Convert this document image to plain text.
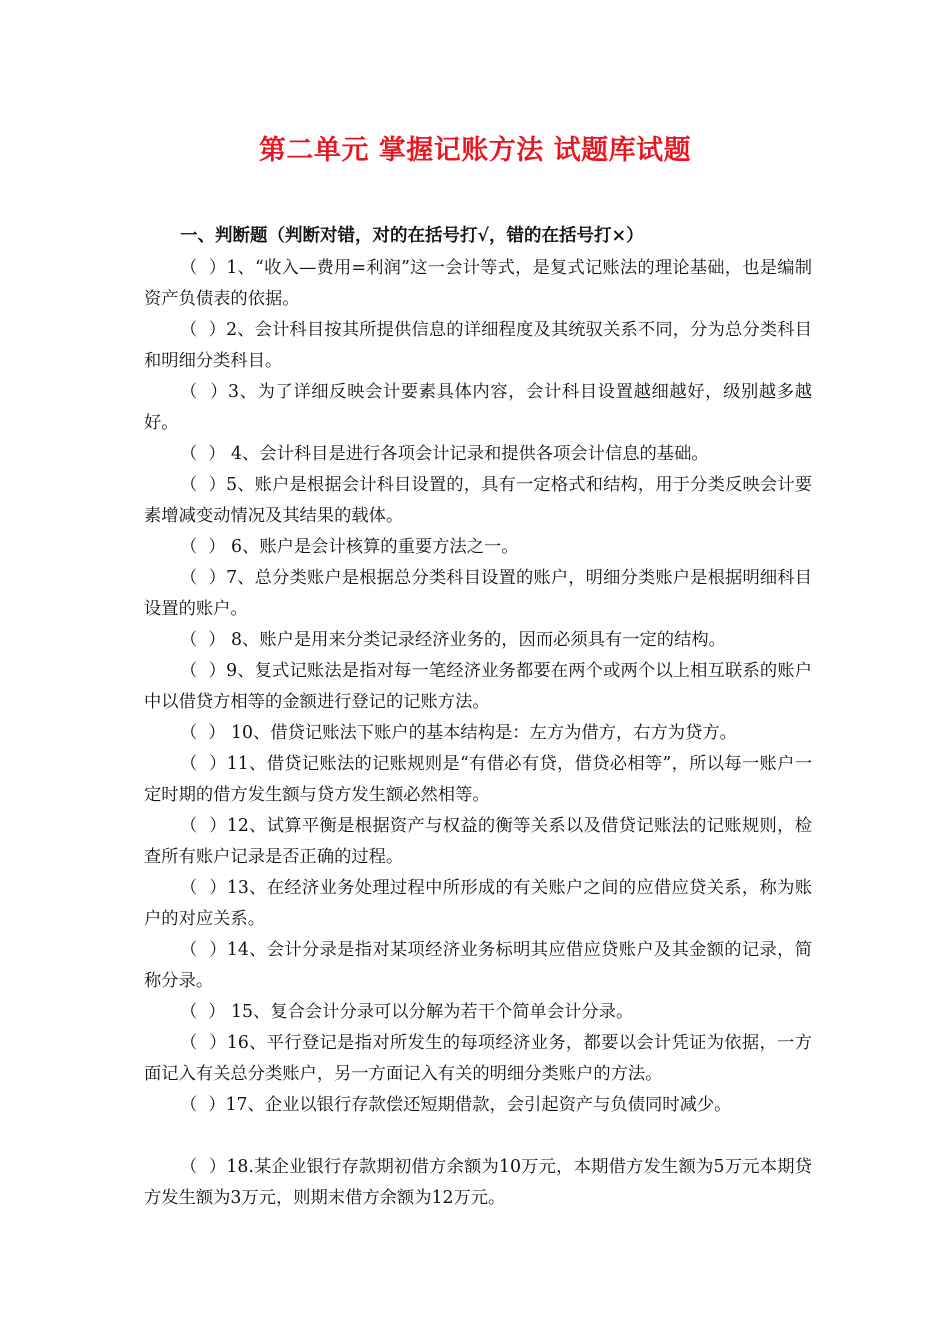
第二单元 掌握记账方法 试题库试题
一、判断题（判断对错，对的在括号打√，错的在括号打×）

（  ）1、“收入—费用=利润”这一会计等式，是复式记账法的理论基础，也是编制资产负债表的依据。

（  ）2、会计科目按其所提供信息的详细程度及其统驭关系不同，分为总分类科目和明细分类科目。

（  ）3、为了详细反映会计要素具体内容，会计科目设置越细越好，级别越多越好。

（  ） 4、会计科目是进行各项会计记录和提供各项会计信息的基础。

（  ）5、账户是根据会计科目设置的，具有一定格式和结构，用于分类反映会计要素增减变动情况及其结果的载体。

（  ） 6、账户是会计核算的重要方法之一。

（  ）7、总分类账户是根据总分类科目设置的账户，明细分类账户是根据明细科目设置的账户。

（  ） 8、账户是用来分类记录经济业务的，因而必须具有一定的结构。

（  ）9、复式记账法是指对每一笔经济业务都要在两个或两个以上相互联系的账户中以借贷方相等的金额进行登记的记账方法。

（  ） 10、借贷记账法下账户的基本结构是：左方为借方，右方为贷方。

（  ）11、借贷记账法的记账规则是“有借必有贷，借贷必相等”，所以每一账户一定时期的借方发生额与贷方发生额必然相等。

（  ）12、试算平衡是根据资产与权益的衡等关系以及借贷记账法的记账规则，检查所有账户记录是否正确的过程。

（  ）13、在经济业务处理过程中所形成的有关账户之间的应借应贷关系，称为账户的对应关系。

（  ）14、会计分录是指对某项经济业务标明其应借应贷账户及其金额的记录，简称分录。

（  ） 15、复合会计分录可以分解为若干个简单会计分录。

（  ）16、平行登记是指对所发生的每项经济业务，都要以会计凭证为依据，一方面记入有关总分类账户，另一方面记入有关的明细分类账户的方法。

（  ）17、企业以银行存款偿还短期借款，会引起资产与负债同时减少。

（  ）18.某企业银行存款期初借方余额为10万元，本期借方发生额为5万元本期贷方发生额为3万元，则期末借方余额为12万元。
